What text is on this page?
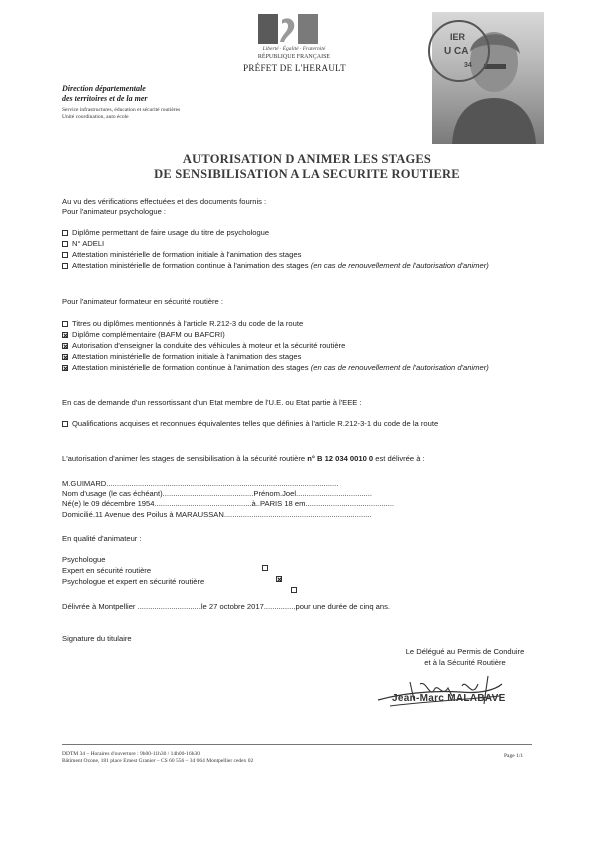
Liberté · Égalité · Fraternité
RÉPUBLIQUE FRANÇAISE
PRÉFET DE L'HERAULT
Direction départementale
des territoires et de la mer
Service infrastructures, éducation et sécurité routières
Unité coordination, auto école
IER
U CA
34
AUTORISATION D ANIMER LES STAGES
DE SENSIBILISATION A LA SECURITE ROUTIERE
Au vu des vérifications effectuées et des documents fournis :
Pour l'animateur psychologue :
Diplôme permettant de faire usage du titre de psychologue
N° ADELI
Attestation ministérielle de formation initiale à l'animation des stages
Attestation ministérielle de formation continue à l'animation des stages (en cas de renouvellement de l'autorisation d'animer)
Pour l'animateur formateur en sécurité routière :
Titres ou diplômes mentionnés à l'article R.212-3 du code de la route
Diplôme complémentaire (BAFM ou BAFCRI)
Autorisation d'enseigner la conduite des véhicules à moteur et la sécurité routière
Attestation ministérielle de formation initiale à l'animation des stages
Attestation ministérielle de formation continue à l'animation des stages (en cas de renouvellement de l'autorisation d'animer)
En cas de demande d'un ressortissant d'un Etat membre de l'U.E. ou Etat partie à l'EEE :
Qualifications acquises et reconnues équivalentes telles que définies à l'article R.212-3-1 du code de la route
L'autorisation d'animer les stages de sensibilisation à la sécurité routière n° B 12 034 0010 0 est délivrée à :
M.GUIMARD..............................................................................................................
Nom d'usage (le cas échéant)...........................................Prénom.Joel....................................
Né(e) le 09 décembre 1954..............................................à..PARIS 18 em..........................................
Domicilié.11 Avenue des Poilus à MARAUSSAN......................................................................
En qualité d'animateur :
Psychologue
Expert en sécurité routière
Psychologue et expert en sécurité routière

Délivrée à Montpellier ..............................le 27 octobre 2017...............pour une durée de cinq ans.
Signature du titulaire
Le Délégué au Permis de Conduire
et à la Sécurité Routière
Jean-Marc MALABAVE
DDTM 34 – Horaires d'ouverture : 9h00-11h30 / 14h00-16h30
Bâtiment Ozone, 181 place Ernest Granier – CS 60 556 – 34 064 Montpellier cedex 02
Page 1/1
